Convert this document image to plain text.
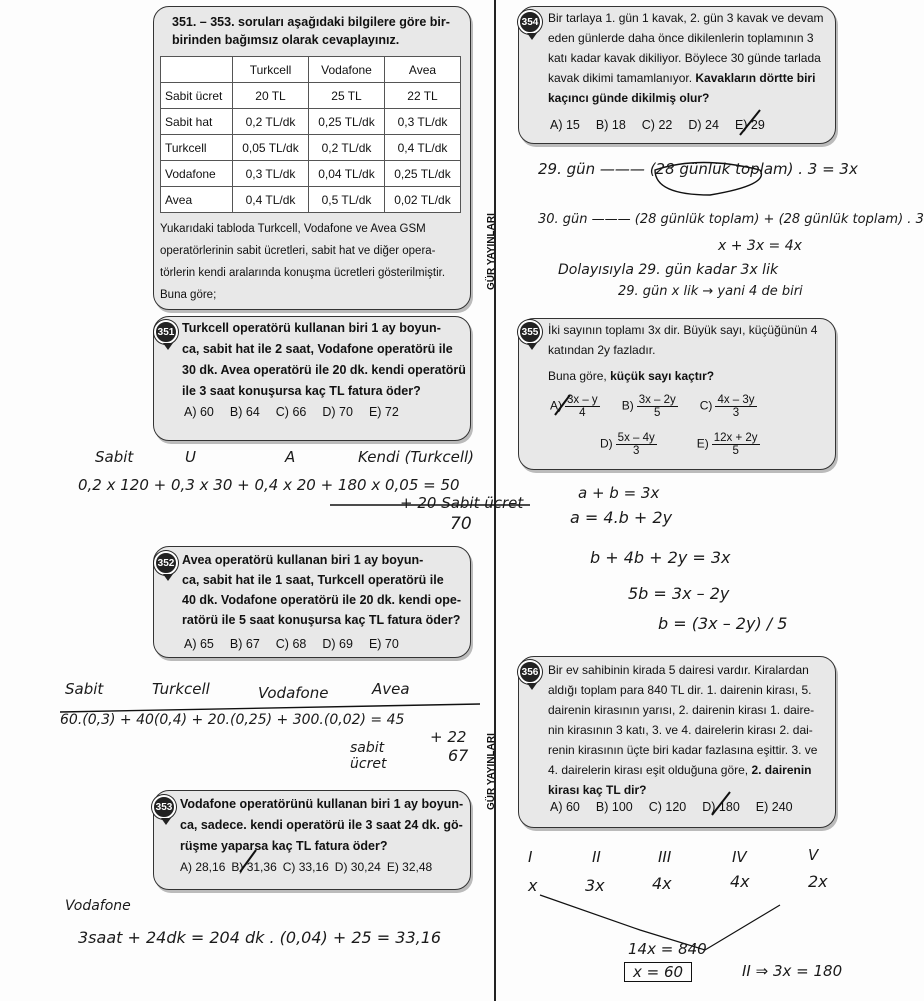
GÜR YAYINLARI
GÜR YAYINLARI
351. – 353. soruları aşağıdaki bilgilere göre bir-
birinden bağımsız olarak cevaplayınız.
	Turkcell	Vodafone	Avea
Sabit ücret	20 TL	25 TL	22 TL
Sabit hat	0,2 TL/dk	0,25 TL/dk	0,3 TL/dk
Turkcell	0,05 TL/dk	0,2 TL/dk	0,4 TL/dk
Vodafone	0,3 TL/dk	0,04 TL/dk	0,25 TL/dk
Avea	0,4 TL/dk	0,5 TL/dk	0,02 TL/dk
Yukarıdaki tabloda Turkcell, Vodafone ve Avea GSM
operatörlerinin sabit ücretleri, sabit hat ve diğer opera-
törlerin kendi aralarında konuşma ücretleri gösterilmiştir.
Buna göre;
351 Turkcell operatörü kullanan biri 1 ay boyun-
ca, sabit hat ile 2 saat, Vodafone operatörü ile
30 dk. Avea operatörü ile 20 dk. kendi operatörü
ile 3 saat konuşursa kaç TL fatura öder?
A) 60 B) 64 C) 66 D) 70 E) 72
352 Avea operatörü kullanan biri 1 ay boyun-
ca, sabit hat ile 1 saat, Turkcell operatörü ile
40 dk. Vodafone operatörü ile 20 dk. kendi ope-
ratörü ile 5 saat konuşursa kaç TL fatura öder?
A) 65 B) 67 C) 68 D) 69 E) 70
353 Vodafone operatörünü kullanan biri 1 ay boyun-
ca, sadece. kendi operatörü ile 3 saat 24 dk. gö-
rüşme yaparsa kaç TL fatura öder?
A) 28,16 B) 31,36 C) 33,16 D) 30,24 E) 32,48
354 Bir tarlaya 1. gün 1 kavak, 2. gün 3 kavak ve devam
eden günlerde daha önce dikilenlerin toplamının 3
katı kadar kavak dikiliyor. Böylece 30 günde tarlada
kavak dikimi tamamlanıyor. Kavakların dörtte biri
kaçıncı günde dikilmiş olur?
A) 15 B) 18 C) 22 D) 24 E) 29
355 İki sayının toplamı 3x dir. Büyük sayı, küçüğünün 4
katından 2y fazladır.
Buna göre, küçük sayı kaçtır?
$A) \frac{3x - y}{4} B) \frac{3x - 2y}{5} C) \frac{4x - 3y}{3}$
$D) \frac{5x - 4y}{3}$	$E) \frac{12x + 2y}{5}$
356 Bir ev sahibinin kirada 5 dairesi vardır. Kiralardan
aldığı toplam para 840 TL dir. 1. dairenin kirası, 5.
dairenin kirasının yarısı, 2. dairenin kirası 1. daire-
nin kirasının 3 katı, 3. ve 4. dairelerin kirası 2. dai-
renin kirasının üçte biri kadar fazlasına eşittir. 3. ve
4. dairelerin kirası eşit olduğuna göre, 2. dairenin
kirası kaç TL dir?
A) 60 B) 100 C) 120 D) 180 E) 240
Sabit	U	A	Kendi (Turkcell)
0,2 x 120 + 0,3 x 30 + 0,4 x 20 + 180 x 0,05 = 50
+ 20 Sabit ücret
70
Sabit	Turkcell	Vodafone	Avea
60.(0,3) + 40(0,4) + 20.(0,25) + 300.(0,02) = 45
+ 22
sabit ücret	67
Vodafone
3saat + 24dk = 204 dk . (0,04) + 25 = 33,16
29. gün ——— (28 günlük toplam) . 3 = 3x
30. gün ——— (28 günlük toplam) + (28 günlük toplam) . 3
x + 3x = 4x
Dolayısıyla 29. gün kadar 3x lik
29. gün x lik → yani 4 de biri
a + b = 3x
a = 4.b + 2y
b + 4b + 2y = 3x
5b = 3x – 2y
b = (3x – 2y) / 5
I	II	III	IV	V
x	3x	4x	4x	2x
14x = 840
x = 60	II ⇒ 3x = 180
